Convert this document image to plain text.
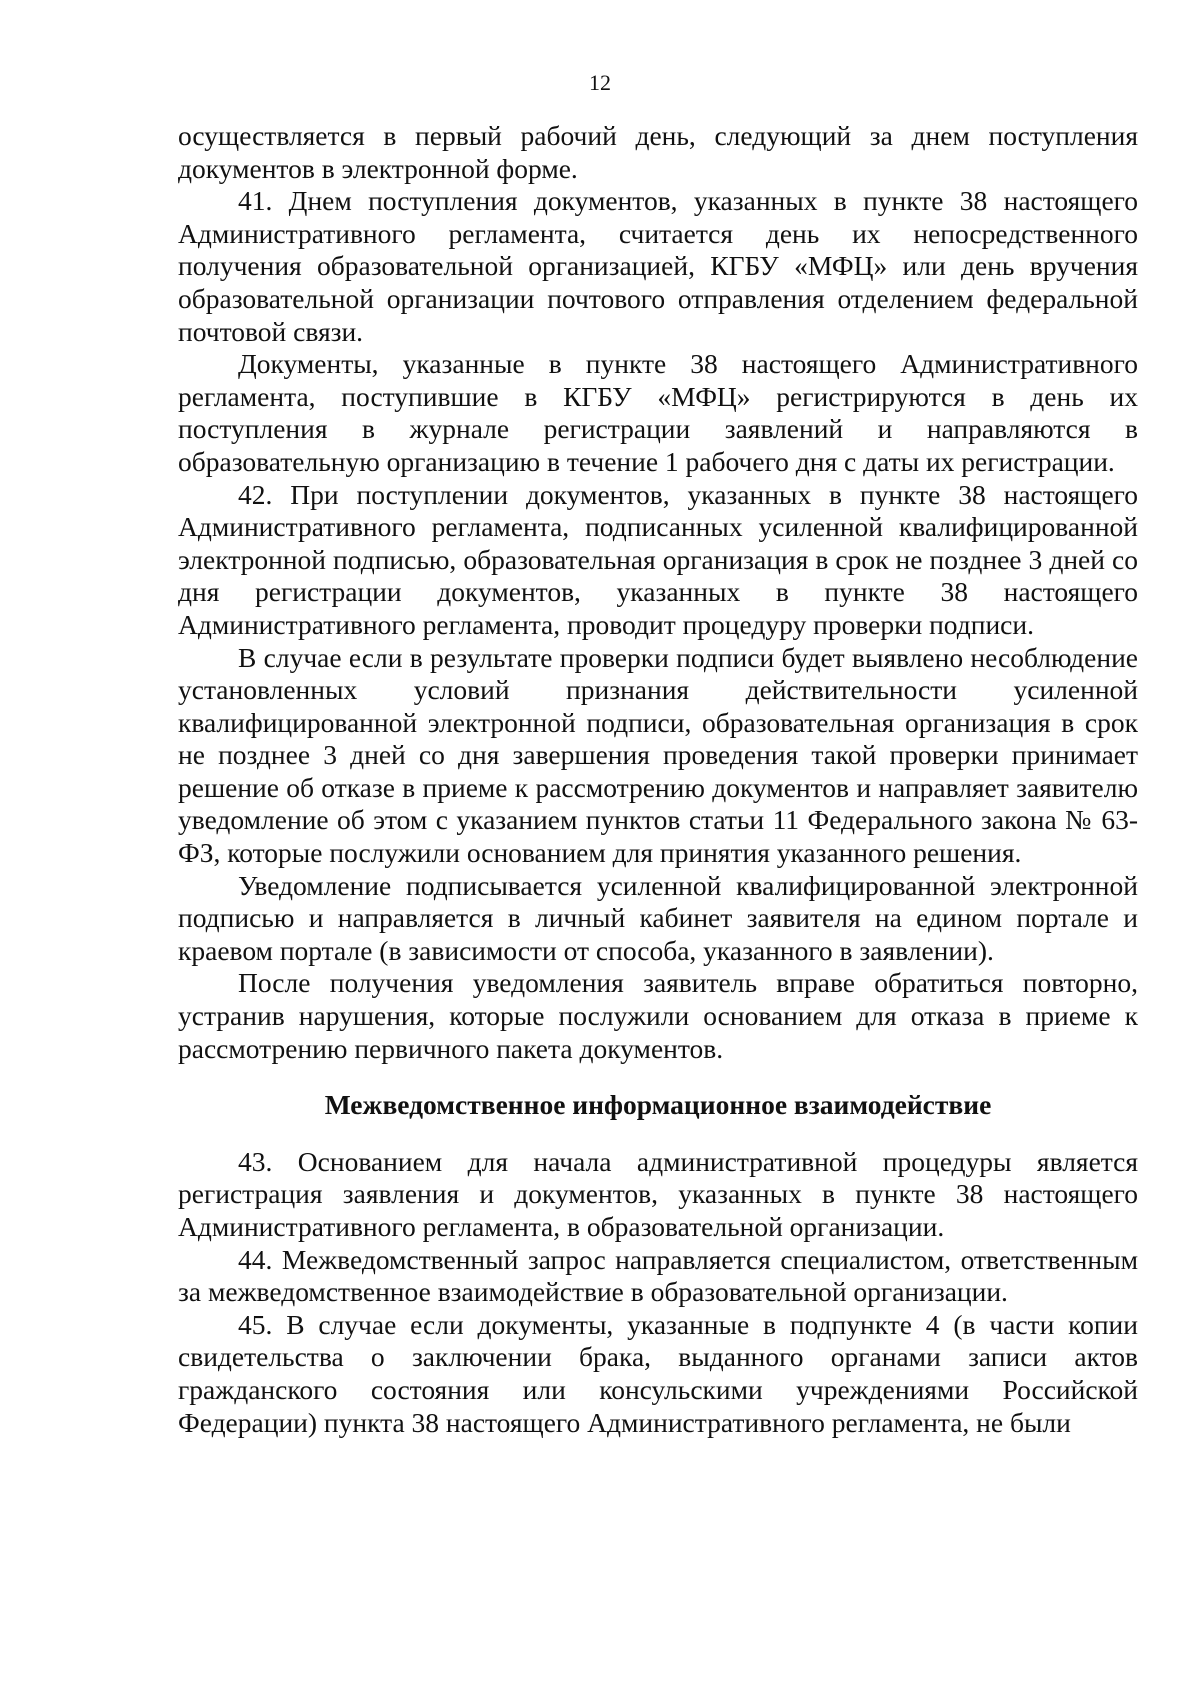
12

осуществляется в первый рабочий день, следующий за днем поступления документов в электронной форме.

41. Днем поступления документов, указанных в пункте 38 настоящего Административного регламента, считается день их непосредственного получения образовательной организацией, КГБУ «МФЦ» или день вручения образовательной организации почтового отправления отделением федеральной почтовой связи.

Документы, указанные в пункте 38 настоящего Административного регламента, поступившие в КГБУ «МФЦ» регистрируются в день их поступления в журнале регистрации заявлений и направляются в образовательную организацию в течение 1 рабочего дня с даты их регистрации.

42. При поступлении документов, указанных в пункте 38 настоящего Административного регламента, подписанных усиленной квалифицированной электронной подписью, образовательная организация в срок не позднее 3 дней со дня регистрации документов, указанных в пункте 38 настоящего Административного регламента, проводит процедуру проверки подписи.

В случае если в результате проверки подписи будет выявлено несоблюдение установленных условий признания действительности усиленной квалифицированной электронной подписи, образовательная организация в срок не позднее 3 дней со дня завершения проведения такой проверки принимает решение об отказе в приеме к рассмотрению документов и направляет заявителю уведомление об этом с указанием пунктов статьи 11 Федерального закона № 63-ФЗ, которые послужили основанием для принятия указанного решения.

Уведомление подписывается усиленной квалифицированной электронной подписью и направляется в личный кабинет заявителя на едином портале и краевом портале (в зависимости от способа, указанного в заявлении).

После получения уведомления заявитель вправе обратиться повторно, устранив нарушения, которые послужили основанием для отказа в приеме к рассмотрению первичного пакета документов.

Межведомственное информационное взаимодействие

43. Основанием для начала административной процедуры является регистрация заявления и документов, указанных в пункте 38 настоящего Административного регламента, в образовательной организации.

44. Межведомственный запрос направляется специалистом, ответственным за межведомственное взаимодействие в образовательной организации.

45. В случае если документы, указанные в подпункте 4 (в части копии свидетельства о заключении брака, выданного органами записи актов гражданского состояния или консульскими учреждениями Российской Федерации) пункта 38 настоящего Административного регламента, не были
